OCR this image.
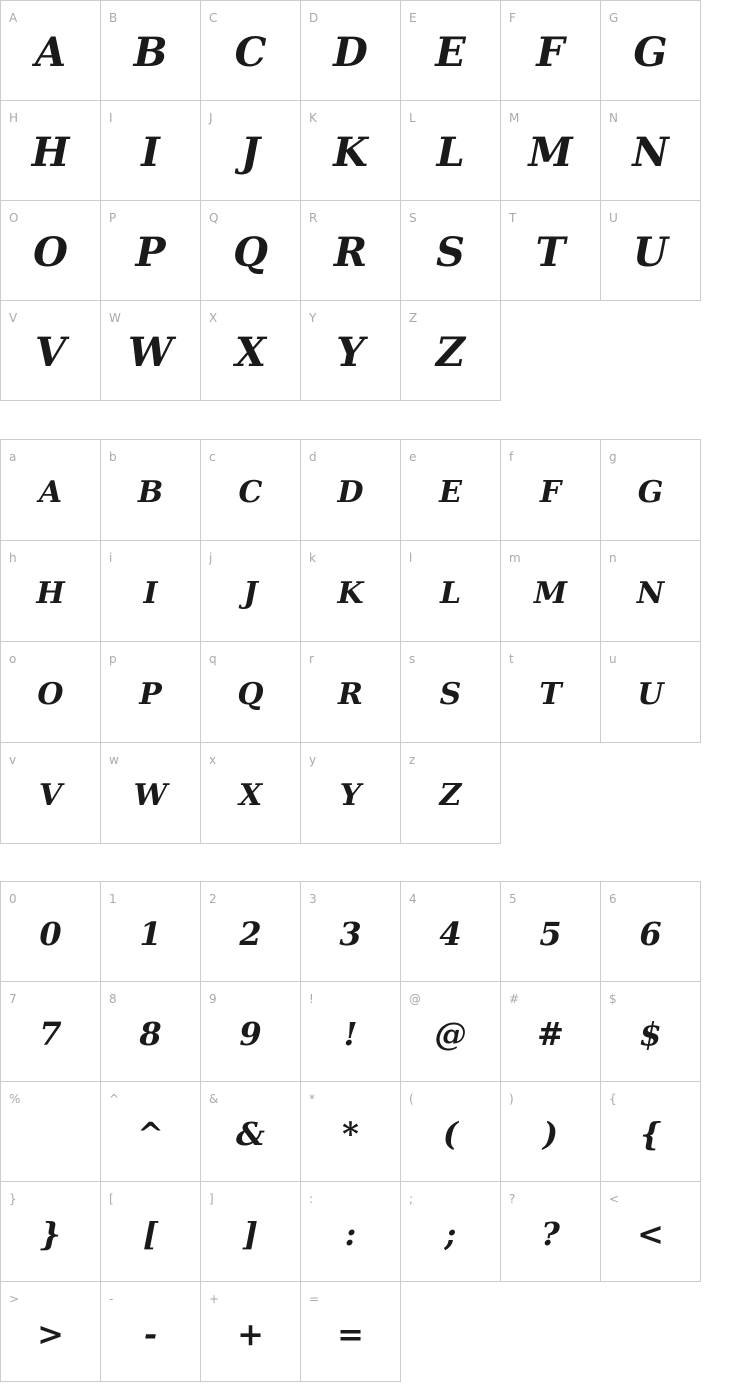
A
A
B
B
C
C
D
D
E
E
F
F
G
G
H
H
I
I
J
J
K
K
L
L
M
M
N
N
O
O
P
P
Q
Q
R
R
S
S
T
T
U
U
V
V
W
W
X
X
Y
Y
Z
Z
a
A
b
B
c
C
d
D
e
E
f
F
g
G
h
H
i
I
j
J
k
K
l
L
m
M
n
N
o
O
p
P
q
Q
r
R
s
S
t
T
u
U
v
V
w
W
x
X
y
Y
z
Z
0
0
1
1
2
2
3
3
4
4
5
5
6
6
7
7
8
8
9
9
!
!
@
@
#
#
$
$
%	^
^
&
&
*
*
(
(
)
)
{
{
}
}
[
[
]
]
:
:
;
;
?
?
<
<
>
>
-
-
+
+
=
=
